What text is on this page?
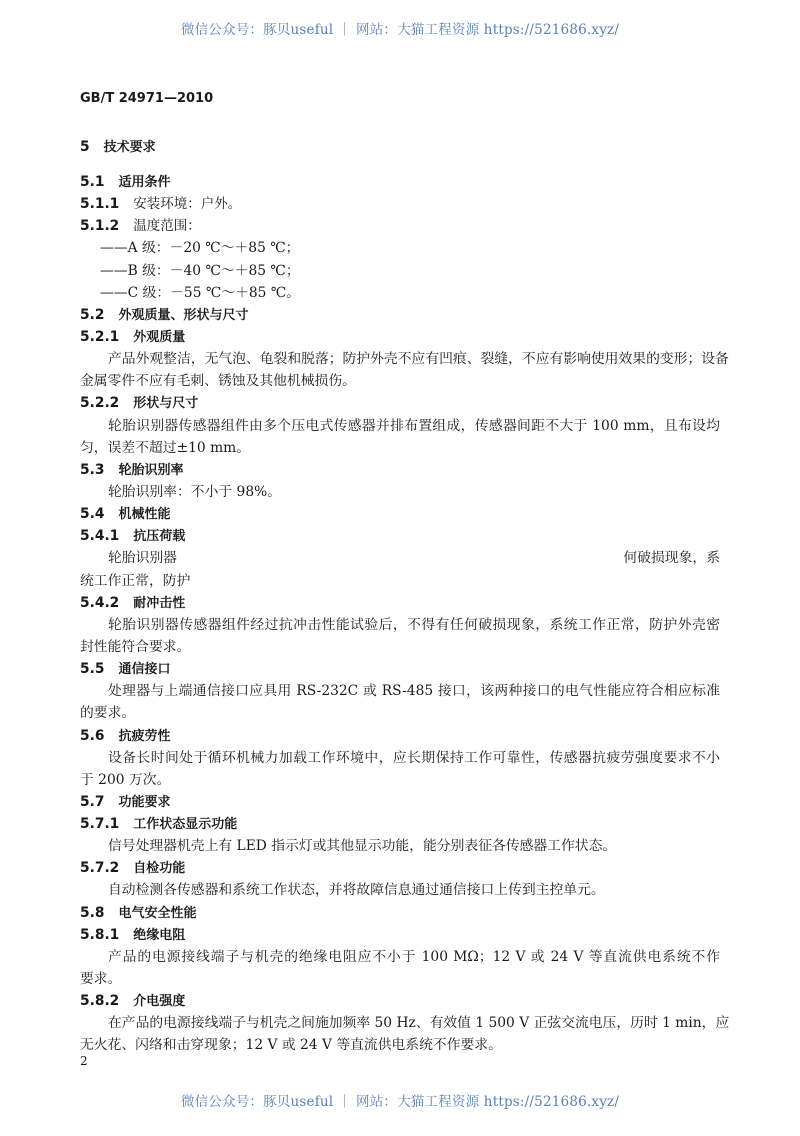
微信公众号：豚贝useful ｜ 网站：大猫工程资源 https://521686.xyz/
GB/T 24971—2010
5 技术要求
5.1 适用条件
5.1.1 安装环境：户外。
5.1.2 温度范围：
——A 级：－20 ℃～＋85 ℃；
——B 级：－40 ℃～＋85 ℃；
——C 级：－55 ℃～＋85 ℃。
5.2 外观质量、形状与尺寸
5.2.1 外观质量
产品外观整洁，无气泡、龟裂和脱落；防护外壳不应有凹痕、裂缝，不应有影响使用效果的变形；设备
金属零件不应有毛刺、锈蚀及其他机械损伤。
5.2.2 形状与尺寸
轮胎识别器传感器组件由多个压电式传感器并排布置组成，传感器间距不大于 100 mm，且布设均
匀，误差不超过±10 mm。
5.3 轮胎识别率
轮胎识别率：不小于 98%。
5.4 机械性能
5.4.1 抗压荷载
轮胎识别器	何破损现象，系
统工作正常，防护
5.4.2 耐冲击性
轮胎识别器传感器组件经过抗冲击性能试验后，不得有任何破损现象，系统工作正常，防护外壳密
封性能符合要求。
5.5 通信接口
处理器与上端通信接口应具用 RS-232C 或 RS-485 接口，该两种接口的电气性能应符合相应标准
的要求。
5.6 抗疲劳性
设备长时间处于循环机械力加载工作环境中，应长期保持工作可靠性，传感器抗疲劳强度要求不小
于 200 万次。
5.7 功能要求
5.7.1 工作状态显示功能
信号处理器机壳上有 LED 指示灯或其他显示功能，能分别表征各传感器工作状态。
5.7.2 自检功能
自动检测各传感器和系统工作状态，并将故障信息通过通信接口上传到主控单元。
5.8 电气安全性能
5.8.1 绝缘电阻
产品的电源接线端子与机壳的绝缘电阻应不小于 100 MΩ；12 V 或 24 V 等直流供电系统不作
要求。
5.8.2 介电强度
在产品的电源接线端子与机壳之间施加频率 50 Hz、有效值 1 500 V 正弦交流电压，历时 1 min，应
无火花、闪络和击穿现象；12 V 或 24 V 等直流供电系统不作要求。
2
微信公众号：豚贝useful ｜ 网站：大猫工程资源 https://521686.xyz/
